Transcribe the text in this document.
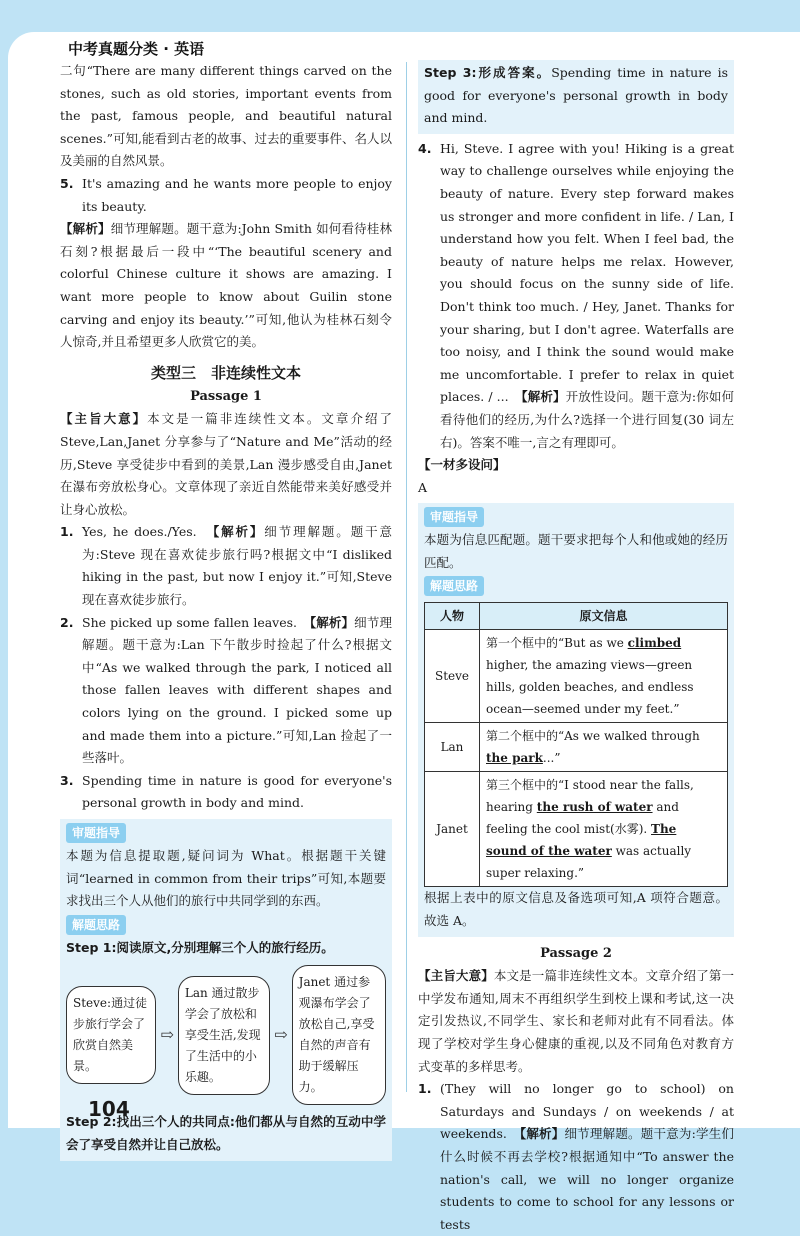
中考真题分类 · 英语

二句“There are many different things carved on the stones, such as old stories, important events from the past, famous people, and beautiful natural scenes.”可知,能看到古老的故事、过去的重要事件、名人以及美丽的自然风景。

5. It's amazing and he wants more people to enjoy its beauty.

【解析】细节理解题。题干意为:John Smith 如何看待桂林石刻?根据最后一段中“‘The beautiful scenery and colorful Chinese culture it shows are amazing. I want more people to know about Guilin stone carving and enjoy its beauty.’”可知,他认为桂林石刻令人惊奇,并且希望更多人欣赏它的美。

类型三　非连续性文本
Passage 1

【主旨大意】本文是一篇非连续性文本。文章介绍了Steve,Lan,Janet 分享参与了“Nature and Me”活动的经历,Steve 享受徒步中看到的美景,Lan 漫步感受自由,Janet 在瀑布旁放松身心。文章体现了亲近自然能带来美好感受并让身心放松。

1. Yes, he does./Yes.　 【解析】细节理解题。题干意为:Steve 现在喜欢徒步旅行吗?根据文中“I disliked hiking in the past, but now I enjoy it.”可知,Steve 现在喜欢徒步旅行。

2. She picked up some fallen leaves.　 【解析】细节理解题。题干意为:Lan 下午散步时捡起了什么?根据文中“As we walked through the park, I noticed all those fallen leaves with different shapes and colors lying on the ground. I picked some up and made them into a picture.”可知,Lan 捡起了一些落叶。

3. Spending time in nature is good for everyone's personal growth in body and mind.

审题指导

本题为信息提取题,疑问词为 What。根据题干关键词“learned in common from their trips”可知,本题要求找出三个人从他们的旅行中共同学到的东西。

解题思路

Step 1:阅读原文,分别理解三个人的旅行经历。

Steve:通过徒步旅行学会了欣赏自然美景。
⇨
Lan 通过散步学会了放松和享受生活,发现了生活中的小乐趣。
⇨
Janet 通过参观瀑布学会了放松自己,享受自然的声音有助于缓解压力。

Step 2:找出三个人的共同点:他们都从与自然的互动中学会了享受自然并让自己放松。

Step 3:形成答案。Spending time in nature is good for everyone's personal growth in body and mind.

4. Hi, Steve. I agree with you! Hiking is a great way to challenge ourselves while enjoying the beauty of nature. Every step forward makes us stronger and more confident in life. / Lan, I understand how you felt. When I feel bad, the beauty of nature helps me relax. However, you should focus on the sunny side of life. Don't think too much. / Hey, Janet. Thanks for your sharing, but I don't agree. Waterfalls are too noisy, and I think the sound would make me uncomfortable. I prefer to relax in quiet places. / ...　 【解析】开放性设问。题干意为:你如何看待他们的经历,为什么?选择一个进行回复(30 词左右)。答案不唯一,言之有理即可。

【一材多设问】

A

审题指导

本题为信息匹配题。题干要求把每个人和他或她的经历匹配。

解题思路
人物	原文信息
Steve	第一个框中的“But as we climbed higher, the amazing views—green hills, golden beaches, and endless ocean—seemed under my feet.”
Lan	第二个框中的“As we walked through the park...”
Janet	第三个框中的“I stood near the falls, hearing the rush of water and feeling the cool mist(水雾). The sound of the water was actually super relaxing.”

根据上表中的原文信息及备选项可知,A 项符合题意。故选 A。

Passage 2

【主旨大意】本文是一篇非连续性文本。文章介绍了第一中学发布通知,周末不再组织学生到校上课和考试,这一决定引发热议,不同学生、家长和老师对此有不同看法。体现了学校对学生身心健康的重视,以及不同角色对教育方式变革的多样思考。

1. (They will no longer go to school) on Saturdays and Sundays / on weekends / at weekends.　 【解析】细节理解题。题干意为:学生们什么时候不再去学校?根据通知中“To answer the nation's call, we will no longer organize students to come to school for any lessons or tests

104
